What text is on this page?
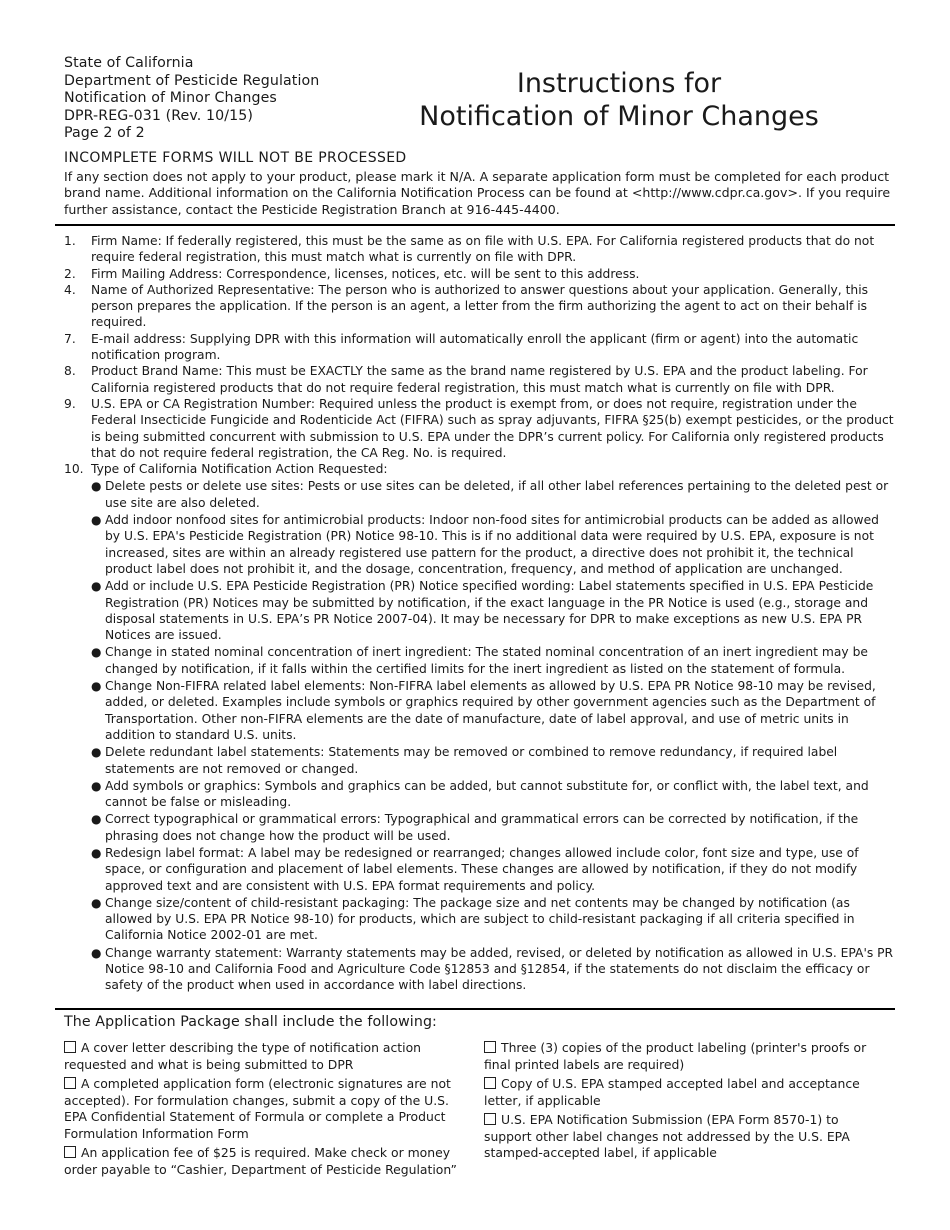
State of California
Department of Pesticide Regulation
Notification of Minor Changes
DPR-REG-031 (Rev. 10/15)
Page 2 of 2
Instructions for
Notification of Minor Changes
INCOMPLETE FORMS WILL NOT BE PROCESSED
If any section does not apply to your product, please mark it N/A. A separate application form must be completed for each product brand name. Additional information on the California Notification Process can be found at <http://www.cdpr.ca.gov>. If you require further assistance, contact the Pesticide Registration Branch at 916-445-4400.
1.	Firm Name: If federally registered, this must be the same as on file with U.S. EPA. For California registered products that do not require federal registration, this must match what is currently on file with DPR.
2.	Firm Mailing Address: Correspondence, licenses, notices, etc. will be sent to this address.
4.	Name of Authorized Representative: The person who is authorized to answer questions about your application. Generally, this person prepares the application. If the person is an agent, a letter from the firm authorizing the agent to act on their behalf is required.
7.	E-mail address: Supplying DPR with this information will automatically enroll the applicant (firm or agent) into the automatic notification program.
8.	Product Brand Name: This must be EXACTLY the same as the brand name registered by U.S. EPA and the product labeling. For California registered products that do not require federal registration, this must match what is currently on file with DPR.
9.	U.S. EPA or CA Registration Number: Required unless the product is exempt from, or does not require, registration under the Federal Insecticide Fungicide and Rodenticide Act (FIFRA) such as spray adjuvants, FIFRA §25(b) exempt pesticides, or the product is being submitted concurrent with submission to U.S. EPA under the DPR’s current policy. For California only registered products that do not require federal registration, the CA Reg. No. is required.
10. Type of California Notification Action Requested:
● Delete pests or delete use sites: Pests or use sites can be deleted, if all other label references pertaining to the deleted pest or use site are also deleted.
● Add indoor nonfood sites for antimicrobial products: Indoor non-food sites for antimicrobial products can be added as allowed by U.S. EPA's Pesticide Registration (PR) Notice 98-10. This is if no additional data were required by U.S. EPA, exposure is not increased, sites are within an already registered use pattern for the product, a directive does not prohibit it, the technical product label does not prohibit it, and the dosage, concentration, frequency, and method of application are unchanged.
● Add or include U.S. EPA Pesticide Registration (PR) Notice specified wording: Label statements specified in U.S. EPA Pesticide Registration (PR) Notices may be submitted by notification, if the exact language in the PR Notice is used (e.g., storage and disposal statements in U.S. EPA’s PR Notice 2007-04). It may be necessary for DPR to make exceptions as new U.S. EPA PR Notices are issued.
● Change in stated nominal concentration of inert ingredient: The stated nominal concentration of an inert ingredient may be changed by notification, if it falls within the certified limits for the inert ingredient as listed on the statement of formula.
● Change Non-FIFRA related label elements: Non-FIFRA label elements as allowed by U.S. EPA PR Notice 98-10 may be revised, added, or deleted. Examples include symbols or graphics required by other government agencies such as the Department of Transportation. Other non-FIFRA elements are the date of manufacture, date of label approval, and use of metric units in addition to standard U.S. units.
● Delete redundant label statements: Statements may be removed or combined to remove redundancy, if required label statements are not removed or changed.
● Add symbols or graphics: Symbols and graphics can be added, but cannot substitute for, or conflict with, the label text, and cannot be false or misleading.
● Correct typographical or grammatical errors: Typographical and grammatical errors can be corrected by notification, if the phrasing does not change how the product will be used.
● Redesign label format: A label may be redesigned or rearranged; changes allowed include color, font size and type, use of space, or configuration and placement of label elements. These changes are allowed by notification, if they do not modify approved text and are consistent with U.S. EPA format requirements and policy.
● Change size/content of child-resistant packaging: The package size and net contents may be changed by notification (as allowed by U.S. EPA PR Notice 98-10) for products, which are subject to child-resistant packaging if all criteria specified in California Notice 2002-01 are met.
● Change warranty statement: Warranty statements may be added, revised, or deleted by notification as allowed in U.S. EPA's PR Notice 98-10 and California Food and Agriculture Code §12853 and §12854, if the statements do not disclaim the efficacy or safety of the product when used in accordance with label directions.
The Application Package shall include the following:
A cover letter describing the type of notification action requested and what is being submitted to DPR
A completed application form (electronic signatures are not accepted). For formulation changes, submit a copy of the U.S. EPA Confidential Statement of Formula or complete a Product Formulation Information Form
An application fee of $25 is required. Make check or money order payable to “Cashier, Department of Pesticide Regulation”
Three (3) copies of the product labeling (printer's proofs or final printed labels are required)
Copy of U.S. EPA stamped accepted label and acceptance letter, if applicable
U.S. EPA Notification Submission (EPA Form 8570-1) to support other label changes not addressed by the U.S. EPA stamped-accepted label, if applicable
